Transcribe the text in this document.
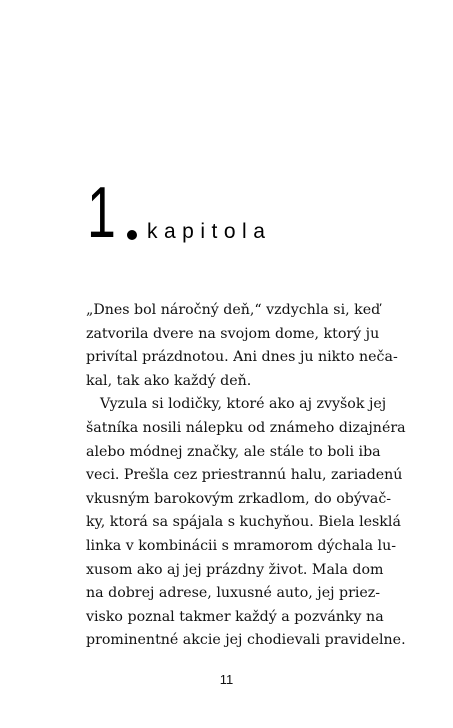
1 kapitola
„Dnes bol náročný deň,“ vzdychla si, keď
zatvorila dvere na svojom dome, ktorý ju
privítal prázdnotou. Ani dnes ju nikto neča-
kal, tak ako každý deň.
Vyzula si lodičky, ktoré ako aj zvyšok jej
šatníka nosili nálepku od známeho dizajnéra
alebo módnej značky, ale stále to boli iba
veci. Prešla cez priestrannú halu, zariadenú
vkusným barokovým zrkadlom, do obývač-
ky, ktorá sa spájala s kuchyňou. Biela lesklá
linka v kombinácii s mramorom dýchala lu-
xusom ako aj jej prázdny život. Mala dom
na dobrej adrese, luxusné auto, jej priez-
visko poznal takmer každý a pozvánky na
prominentné akcie jej chodievali pravidelne.
11
